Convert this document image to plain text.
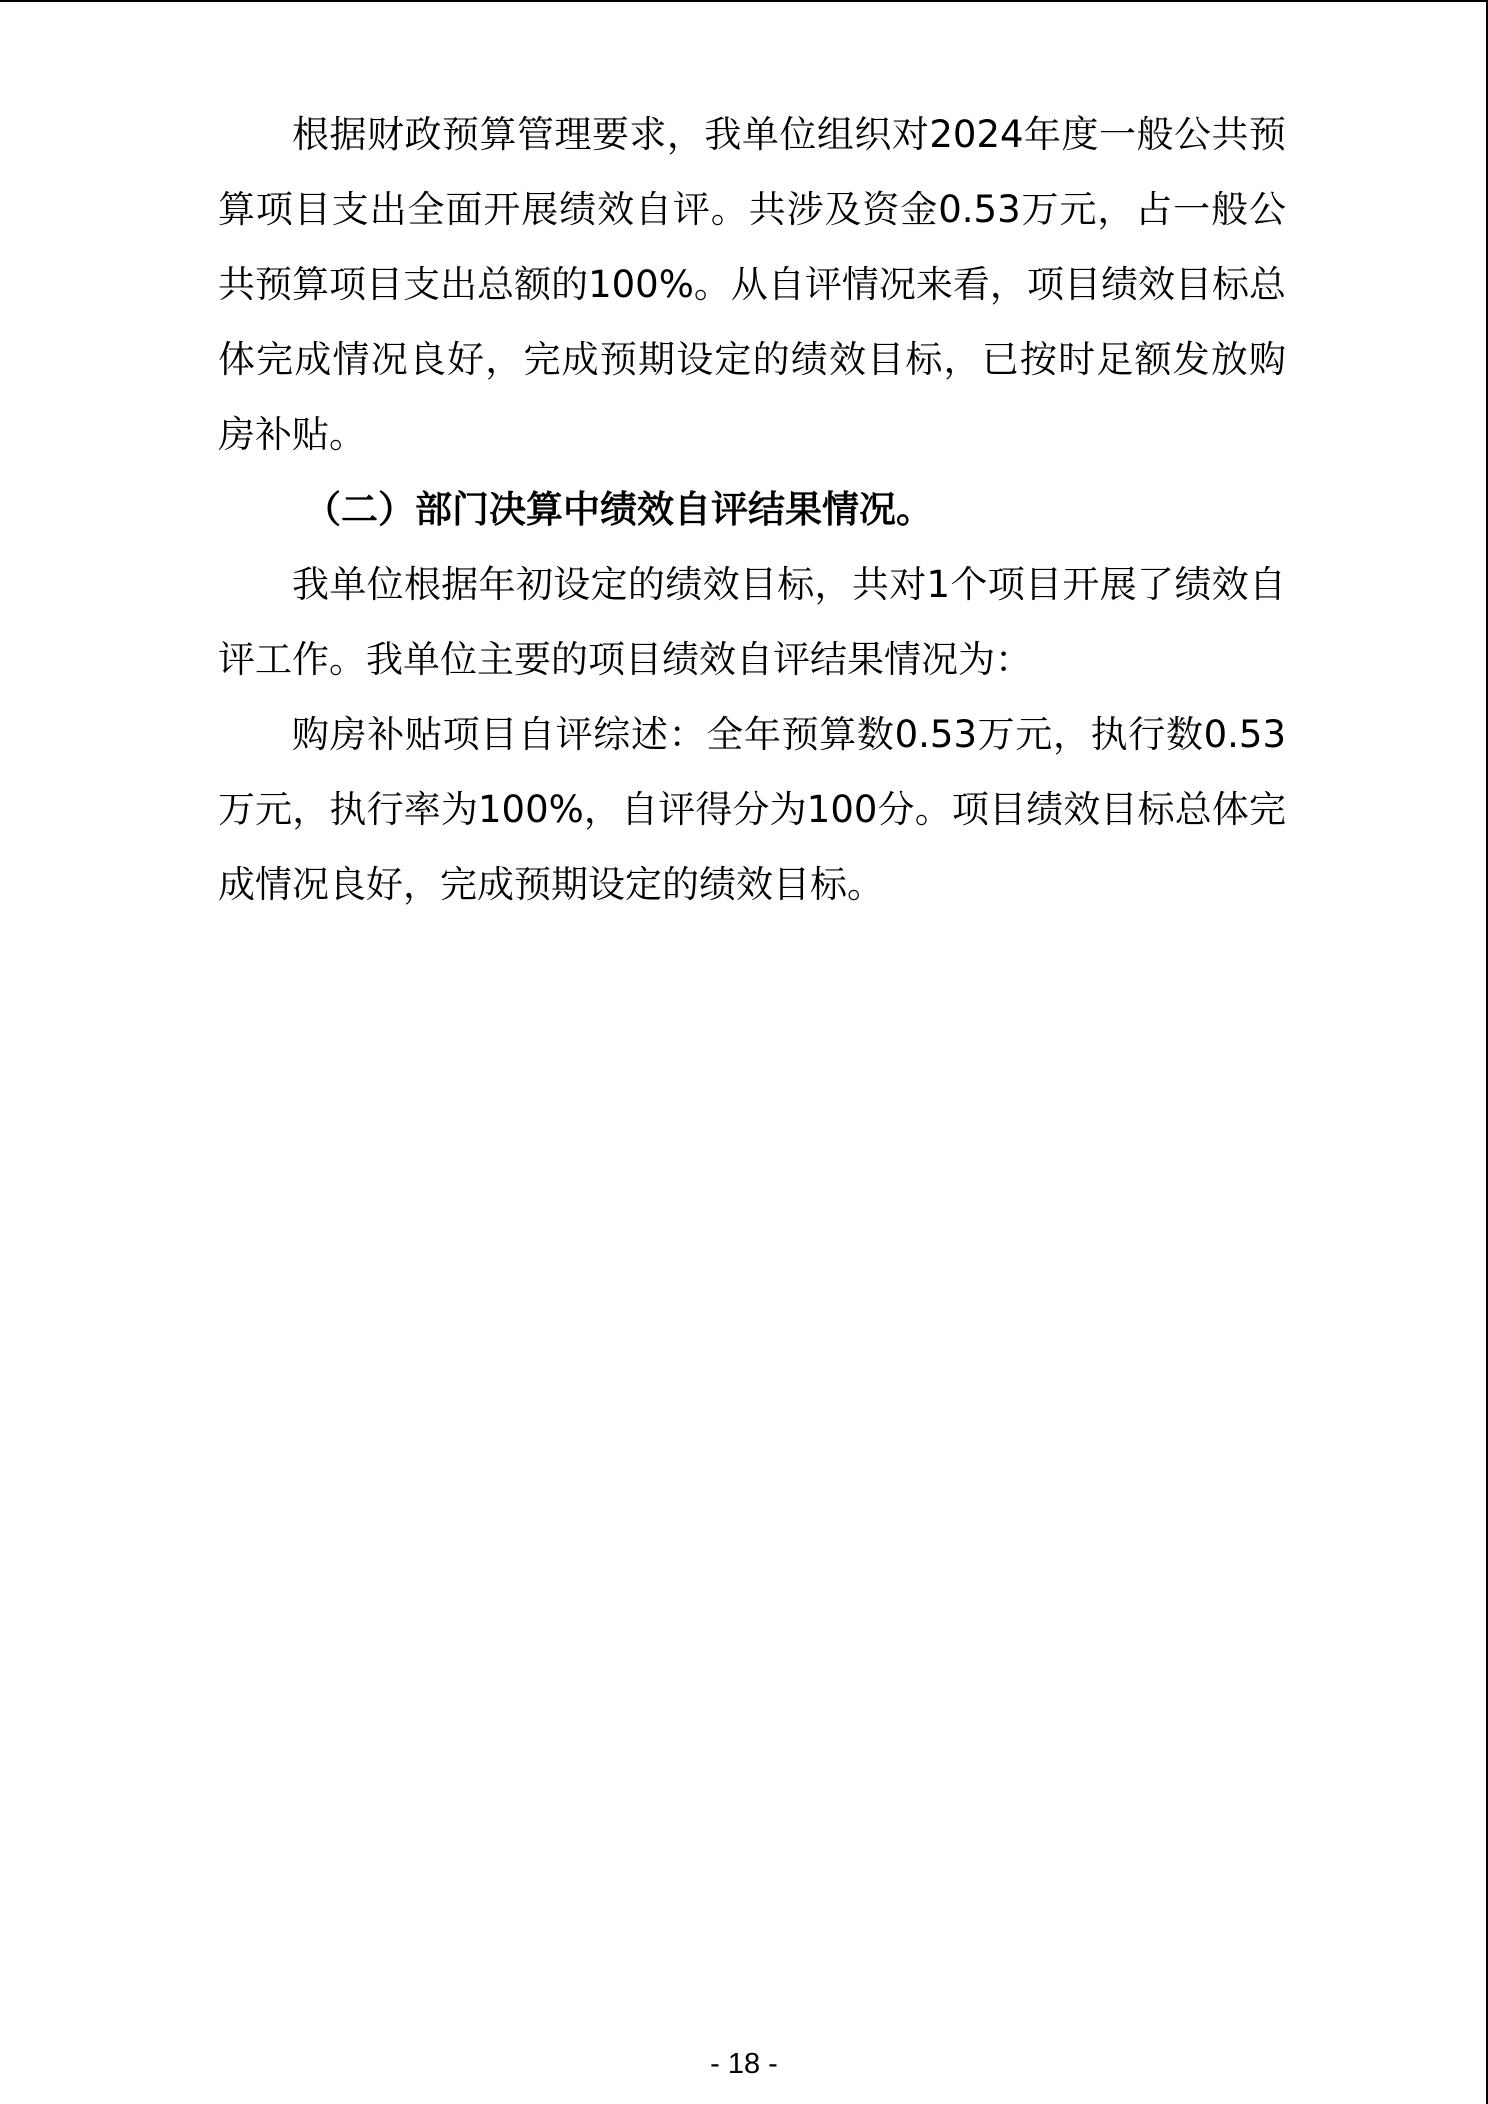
根据财政预算管理要求，我单位组织对2024年度一般公共预算项目支出全面开展绩效自评。共涉及资金0.53万元，占一般公共预算项目支出总额的100%。从自评情况来看，项目绩效目标总体完成情况良好，完成预期设定的绩效目标，已按时足额发放购房补贴。

（二）部门决算中绩效自评结果情况。

我单位根据年初设定的绩效目标，共对1个项目开展了绩效自评工作。我单位主要的项目绩效自评结果情况为：

购房补贴项目自评综述：全年预算数0.53万元，执行数0.53万元，执行率为100%，自评得分为100分。项目绩效目标总体完成情况良好，完成预期设定的绩效目标。

- 18 -
